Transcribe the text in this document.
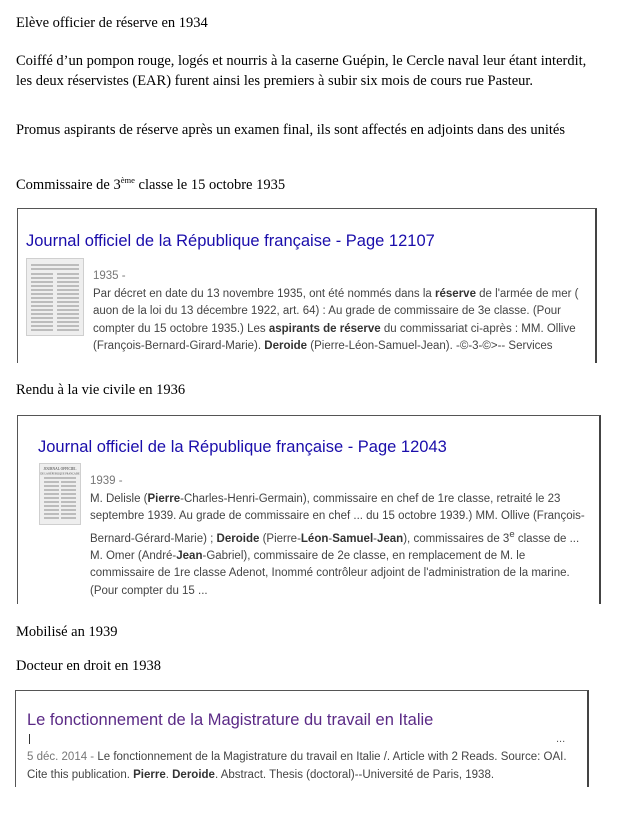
Elève officier de réserve en 1934

Coiffé d’un pompon rouge, logés et nourris à la caserne Guépin, le Cercle naval leur étant interdit, les deux réservistes (EAR) furent ainsi les premiers à subir six mois de cours rue Pasteur.

Promus aspirants de réserve après un examen final, ils sont affectés en adjoints dans des unités

Commissaire de 3ème classe le 15 octobre 1935

Journal officiel de la République française - Page 12107
1935 -
Par décret en date du 13 novembre 1935, ont été nommés dans la réserve de l'armée de mer ( auon de la loi du 13 décembre 1922, art. 64) : Au grade de commissaire de 3e classe. (Pour compter du 15 octobre 1935.) Les aspirants de réserve du commissariat ci-après : MM. Ollive (François-Bernard-Girard-Marie). Deroide (Pierre-Léon-Samuel-Jean). -©-3-©>-- Services

Rendu à la vie civile en 1936

Journal officiel de la République française - Page 12043
JOURNAL OFFICIEL
DE LA RÉPUBLIQUE FRANÇAISE
1939 -
M. Delisle (Pierre-Charles-Henri-Germain), commissaire en chef de 1re classe, retraité le 23 septembre 1939. Au grade de commissaire en chef ... du 15 octobre 1939.) MM. Ollive (François-Bernard-Gérard-Marie) ; Deroide (Pierre-Léon-Samuel-Jean), commissaires de 3e classe de ... M. Omer (André-Jean-Gabriel), commissaire de 2e classe, en remplacement de M. le commissaire de 1re classe Adenot, Inommé contrôleur adjoint de l'administration de la marine. (Pour compter du 15 ...

Mobilisé an 1939

Docteur en droit en 1938

Le fonctionnement de la Magistrature du travail en Italie
...
5 déc. 2014 - Le fonctionnement de la Magistrature du travail en Italie /. Article with 2 Reads. Source: OAI. Cite this publication. Pierre. Deroide. Abstract. Thesis (doctoral)--Université de Paris, 1938.
